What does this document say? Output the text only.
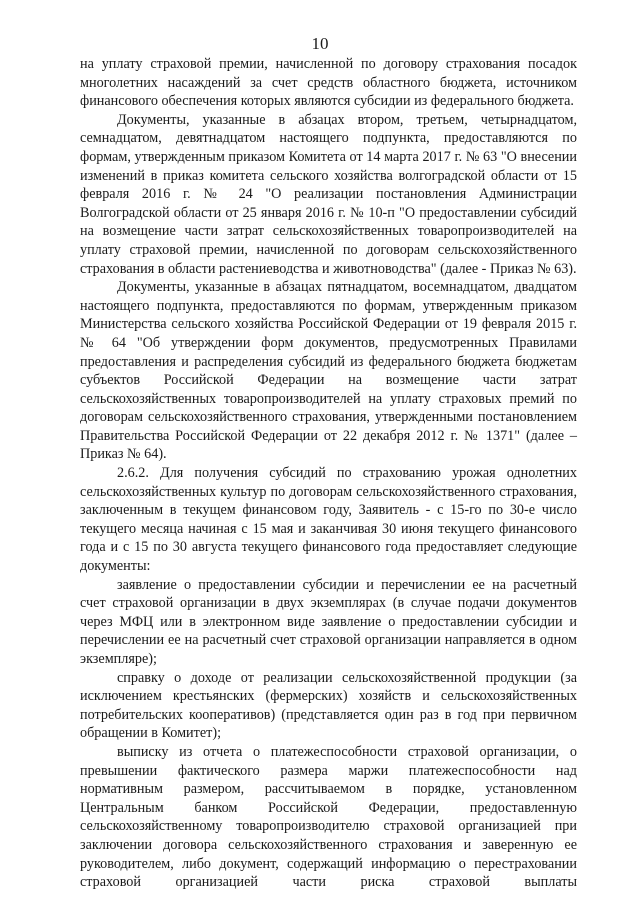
10

на уплату страховой премии, начисленной по договору страхования посадок многолетних насаждений за счет средств областного бюджета, источником финансового обеспечения которых являются субсидии из федерального бюджета.

Документы, указанные в абзацах втором, третьем, четырнадцатом, семнадцатом, девятнадцатом настоящего подпункта, предоставляются по формам, утвержденным приказом Комитета от 14 марта 2017 г. № 63 "О внесении изменений в приказ комитета сельского хозяйства волгоградской области от 15 февраля 2016 г. № 24 "О реализации постановления Администрации Волгоградской области от 25 января 2016 г. № 10-п "О предоставлении субсидий на возмещение части затрат сельскохозяйственных товаропроизводителей на уплату страховой премии, начисленной по договорам сельскохозяйственного страхования в области растениеводства и животноводства" (далее - Приказ № 63).

Документы, указанные в абзацах пятнадцатом, восемнадцатом, двадцатом настоящего подпункта, предоставляются по формам, утвержденным приказом Министерства сельского хозяйства Российской Федерации от 19 февраля 2015 г. № 64 "Об утверждении форм документов, предусмотренных Правилами предоставления и распределения субсидий из федерального бюджета бюджетам субъектов Российской Федерации на возмещение части затрат сельскохозяйственных товаропроизводителей на уплату страховых премий по договорам сельскохозяйственного страхования, утвержденными постановлением Правительства Российской Федерации от 22 декабря 2012 г. № 1371" (далее – Приказ № 64).

2.6.2. Для получения субсидий по страхованию урожая однолетних сельскохозяйственных культур по договорам сельскохозяйственного страхования, заключенным в текущем финансовом году, Заявитель - с 15-го по 30-е число текущего месяца начиная с 15 мая и заканчивая 30 июня текущего финансового года и с 15 по 30 августа текущего финансового года предоставляет следующие документы:

заявление о предоставлении субсидии и перечислении ее на расчетный счет страховой организации в двух экземплярах (в случае подачи документов через МФЦ или в электронном виде заявление о предоставлении субсидии и перечислении ее на расчетный счет страховой организации направляется в одном экземпляре);

справку о доходе от реализации сельскохозяйственной продукции (за исключением крестьянских (фермерских) хозяйств и сельскохозяйственных потребительских кооперативов) (представляется один раз в год при первичном обращении в Комитет);

выписку из отчета о платежеспособности страховой организации, о превышении фактического размера маржи платежеспособности над нормативным размером, рассчитываемом в порядке, установленном Центральным банком Российской Федерации, предоставленную сельскохозяйственному товаропроизводителю страховой организацией при заключении договора сельскохозяйственного страхования и заверенную ее руководителем, либо документ, содержащий информацию о перестраховании страховой организацией части риска страховой выплаты
